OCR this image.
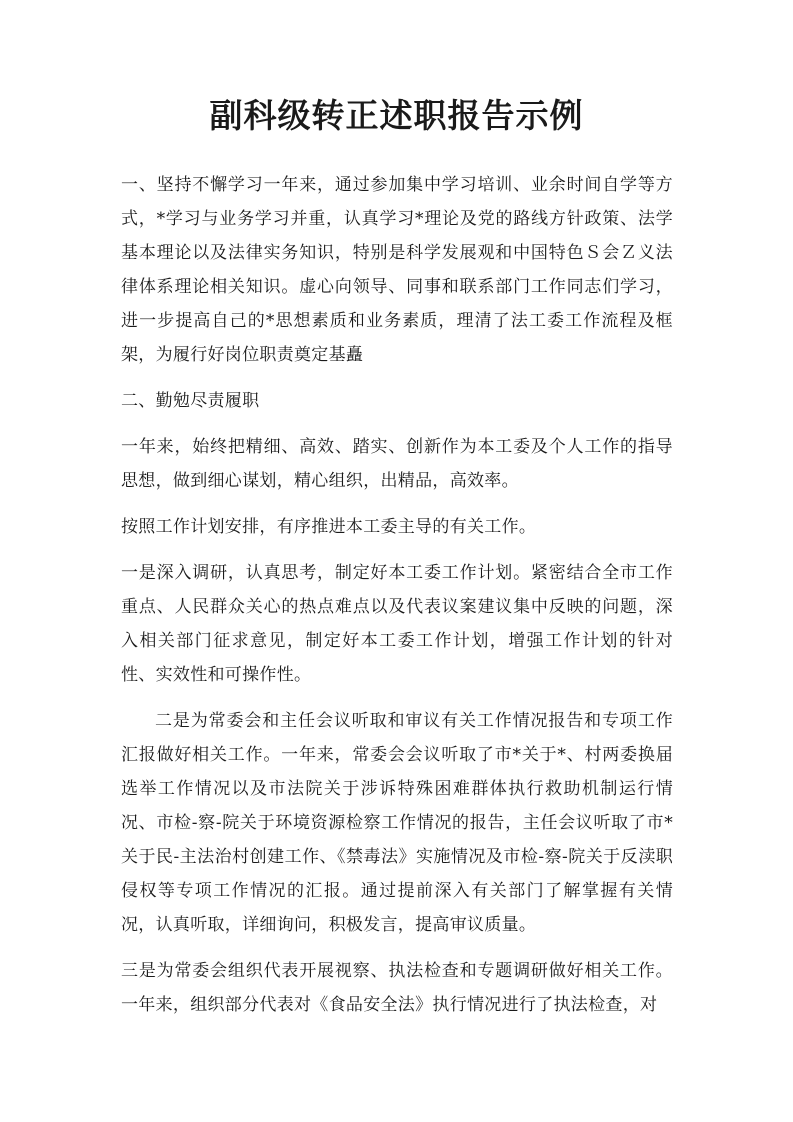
副科级转正述职报告示例

一、坚持不懈学习一年来，通过参加集中学习培训、业余时间自学等方式，*学习与业务学习并重，认真学习*理论及党的路线方针政策、法学基本理论以及法律实务知识，特别是科学发展观和中国特色Ｓ会Ｚ义法律体系理论相关知识。虚心向领导、同事和联系部门工作同志们学习，进一步提高自己的*思想素质和业务素质，理清了法工委工作流程及框架，为履行好岗位职责奠定基矗

二、勤勉尽责履职

一年来，始终把精细、高效、踏实、创新作为本工委及个人工作的指导思想，做到细心谋划，精心组织，出精品，高效率。

按照工作计划安排，有序推进本工委主导的有关工作。

一是深入调研，认真思考，制定好本工委工作计划。紧密结合全市工作重点、人民群众关心的热点难点以及代表议案建议集中反映的问题，深入相关部门征求意见，制定好本工委工作计划，增强工作计划的针对性、实效性和可操作性。

二是为常委会和主任会议听取和审议有关工作情况报告和专项工作汇报做好相关工作。一年来，常委会会议听取了市*关于*、村两委换届选举工作情况以及市法院关于涉诉特殊困难群体执行救助机制运行情况、市检-察-院关于环境资源检察工作情况的报告，主任会议听取了市*关于民-主法治村创建工作、《禁毒法》实施情况及市检-察-院关于反渎职侵权等专项工作情况的汇报。通过提前深入有关部门了解掌握有关情况，认真听取，详细询问，积极发言，提高审议质量。

三是为常委会组织代表开展视察、执法检查和专题调研做好相关工作。一年来，组织部分代表对《食品安全法》执行情况进行了执法检查，对
